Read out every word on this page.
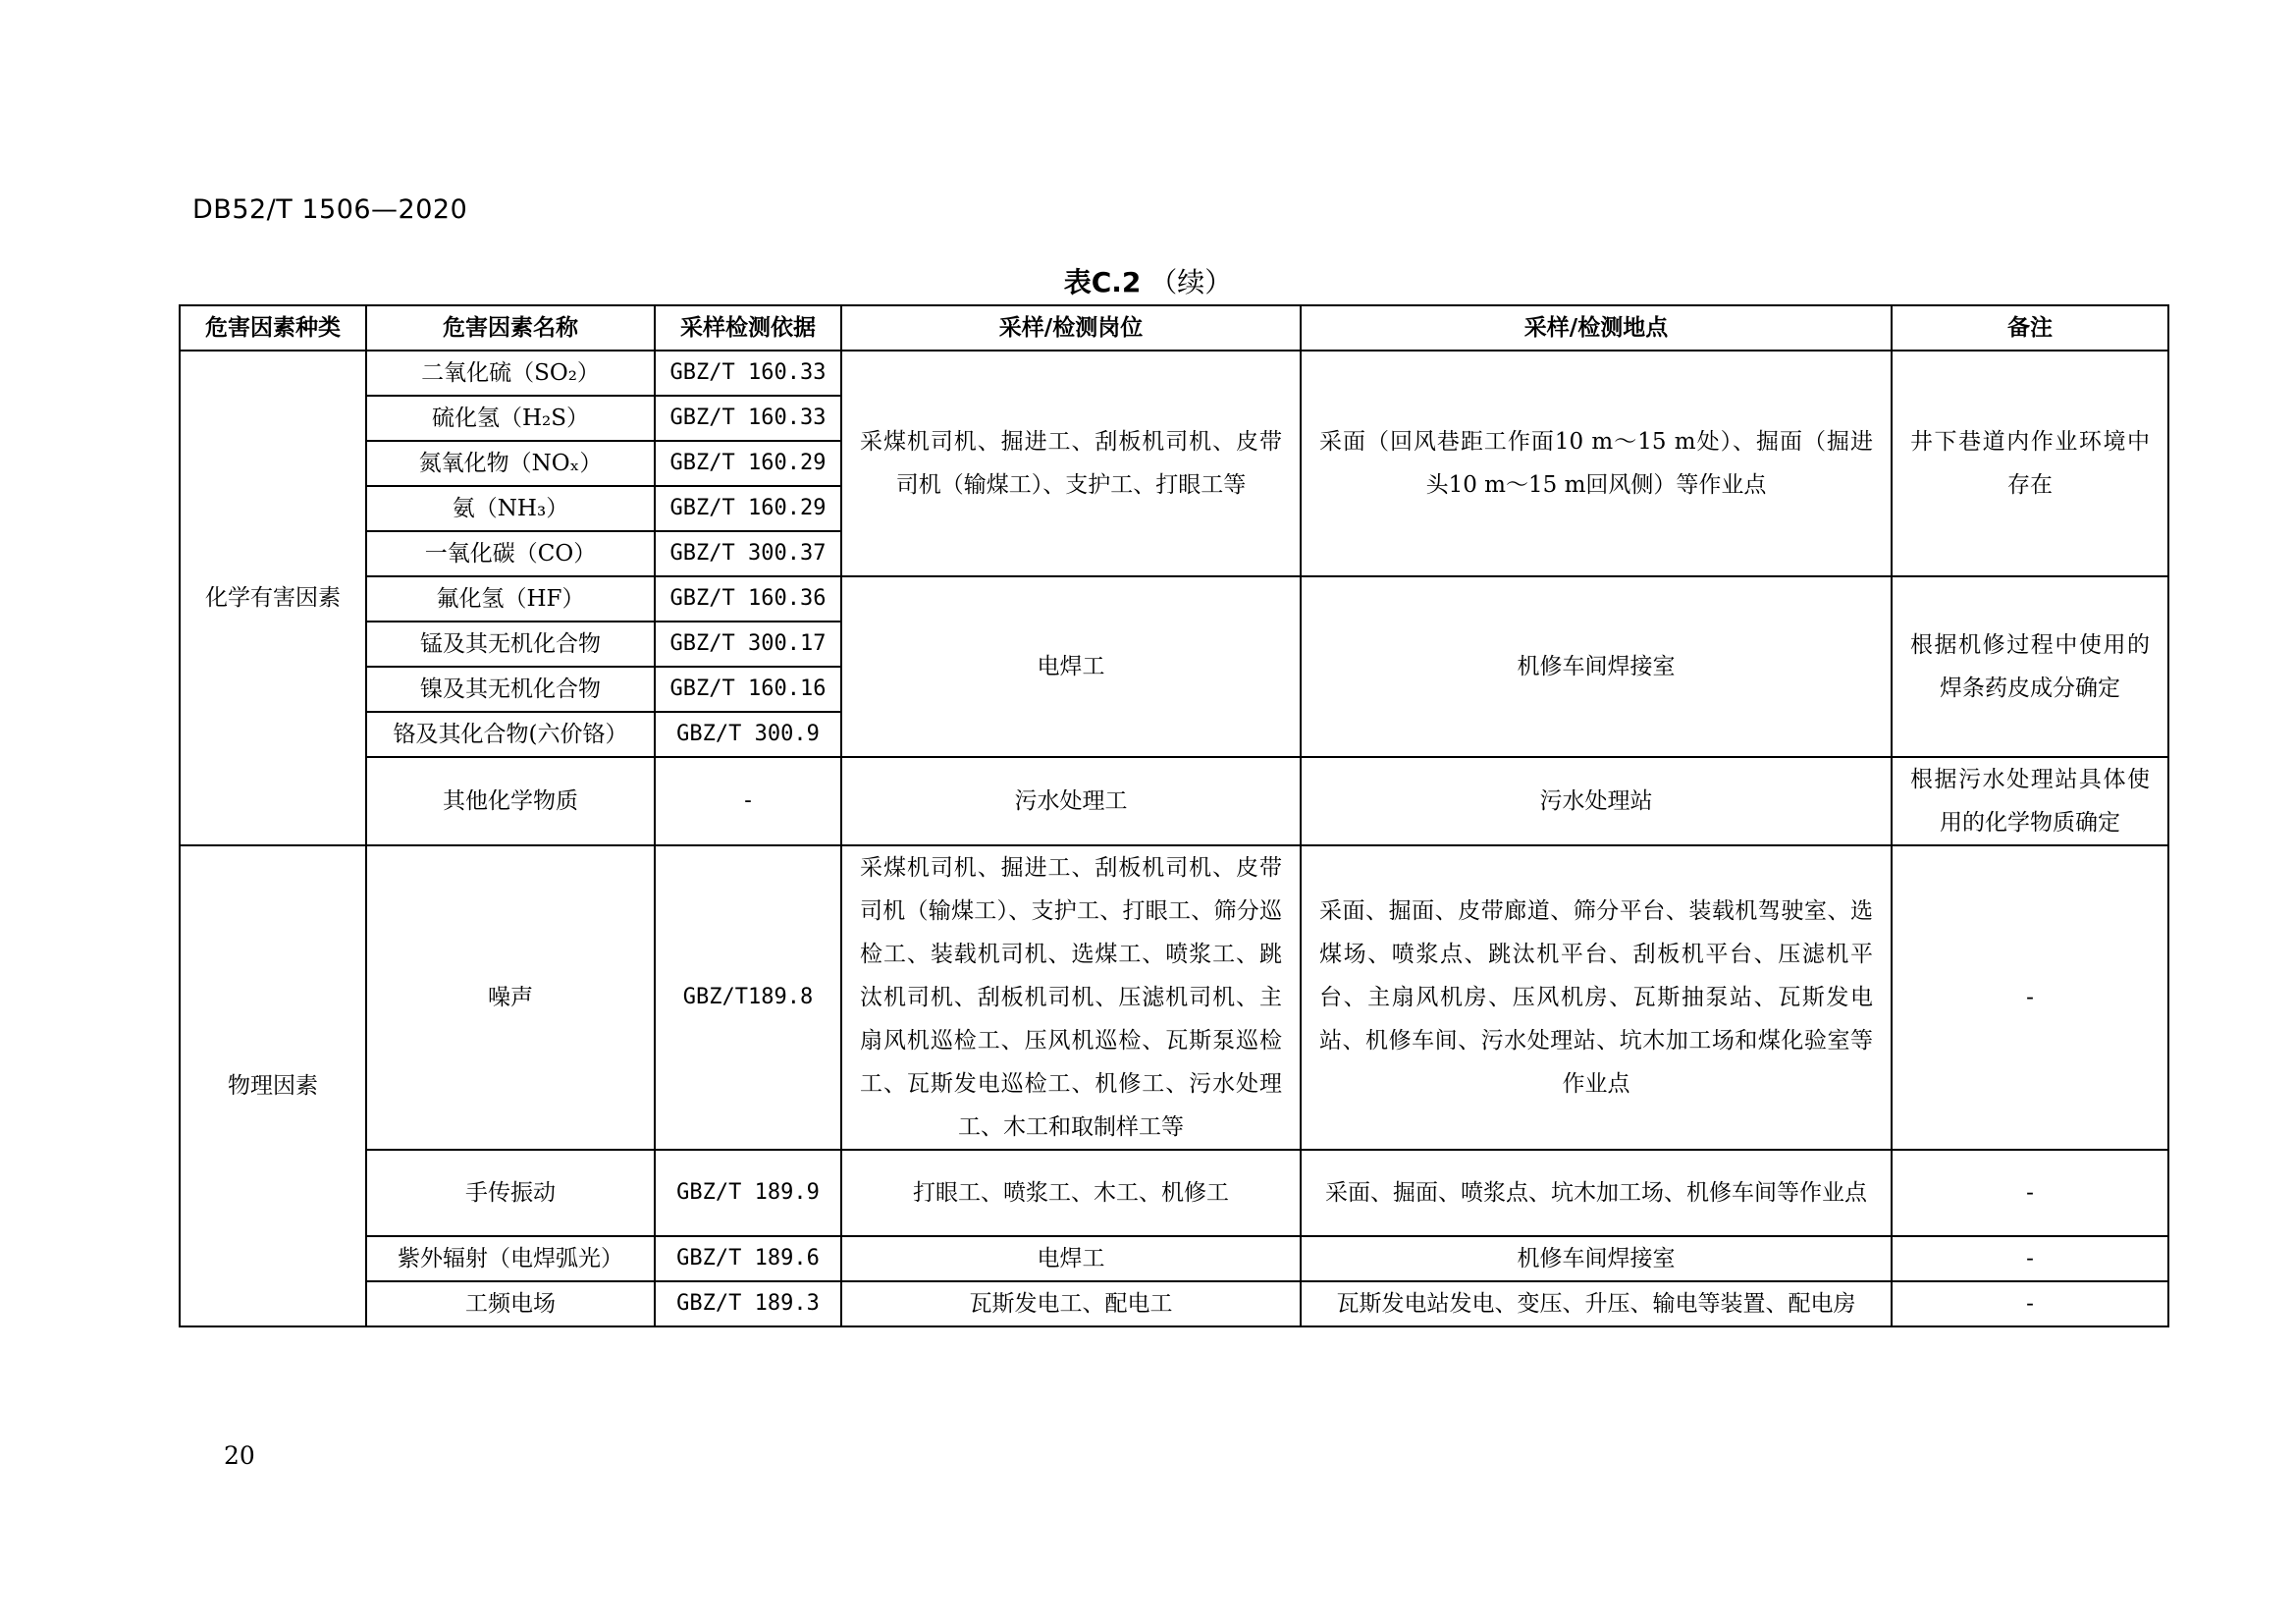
DB52/T 1506—2020
表C.2 （续）
危害因素种类	危害因素名称	采样检测依据	采样/检测岗位	采样/检测地点	备注
化学有害因素	二氧化硫（SO₂）	GBZ/T 160.33	采煤机司机、掘进工、刮板机司机、皮带司机（输煤工）、支护工、打眼工等	采面（回风巷距工作面10 m～15 m处）、掘面（掘进头10 m～15 m回风侧）等作业点	井下巷道内作业环境中存在
	硫化氢（H₂S）	GBZ/T 160.33			
	氮氧化物（NOₓ）	GBZ/T 160.29			
	氨（NH₃）	GBZ/T 160.29			
	一氧化碳（CO）	GBZ/T 300.37			
	氟化氢（HF）	GBZ/T 160.36	电焊工	机修车间焊接室	根据机修过程中使用的焊条药皮成分确定
	锰及其无机化合物	GBZ/T 300.17			
	镍及其无机化合物	GBZ/T 160.16			
	铬及其化合物(六价铬）	GBZ/T 300.9			
	其他化学物质	-	污水处理工	污水处理站	根据污水处理站具体使用的化学物质确定
物理因素	噪声	GBZ/T189.8	采煤机司机、掘进工、刮板机司机、皮带司机（输煤工）、支护工、打眼工、筛分巡检工、装载机司机、选煤工、喷浆工、跳汰机司机、刮板机司机、压滤机司机、主扇风机巡检工、压风机巡检、瓦斯泵巡检工、瓦斯发电巡检工、机修工、污水处理工、木工和取制样工等	采面、掘面、皮带廊道、筛分平台、装载机驾驶室、选煤场、喷浆点、跳汰机平台、刮板机平台、压滤机平台、主扇风机房、压风机房、瓦斯抽泵站、瓦斯发电站、机修车间、污水处理站、坑木加工场和煤化验室等作业点	-
	手传振动	GBZ/T 189.9	打眼工、喷浆工、木工、机修工	采面、掘面、喷浆点、坑木加工场、机修车间等作业点	-
	紫外辐射（电焊弧光）	GBZ/T 189.6	电焊工	机修车间焊接室	-
	工频电场	GBZ/T 189.3	瓦斯发电工、配电工	瓦斯发电站发电、变压、升压、输电等装置、配电房	-
20
